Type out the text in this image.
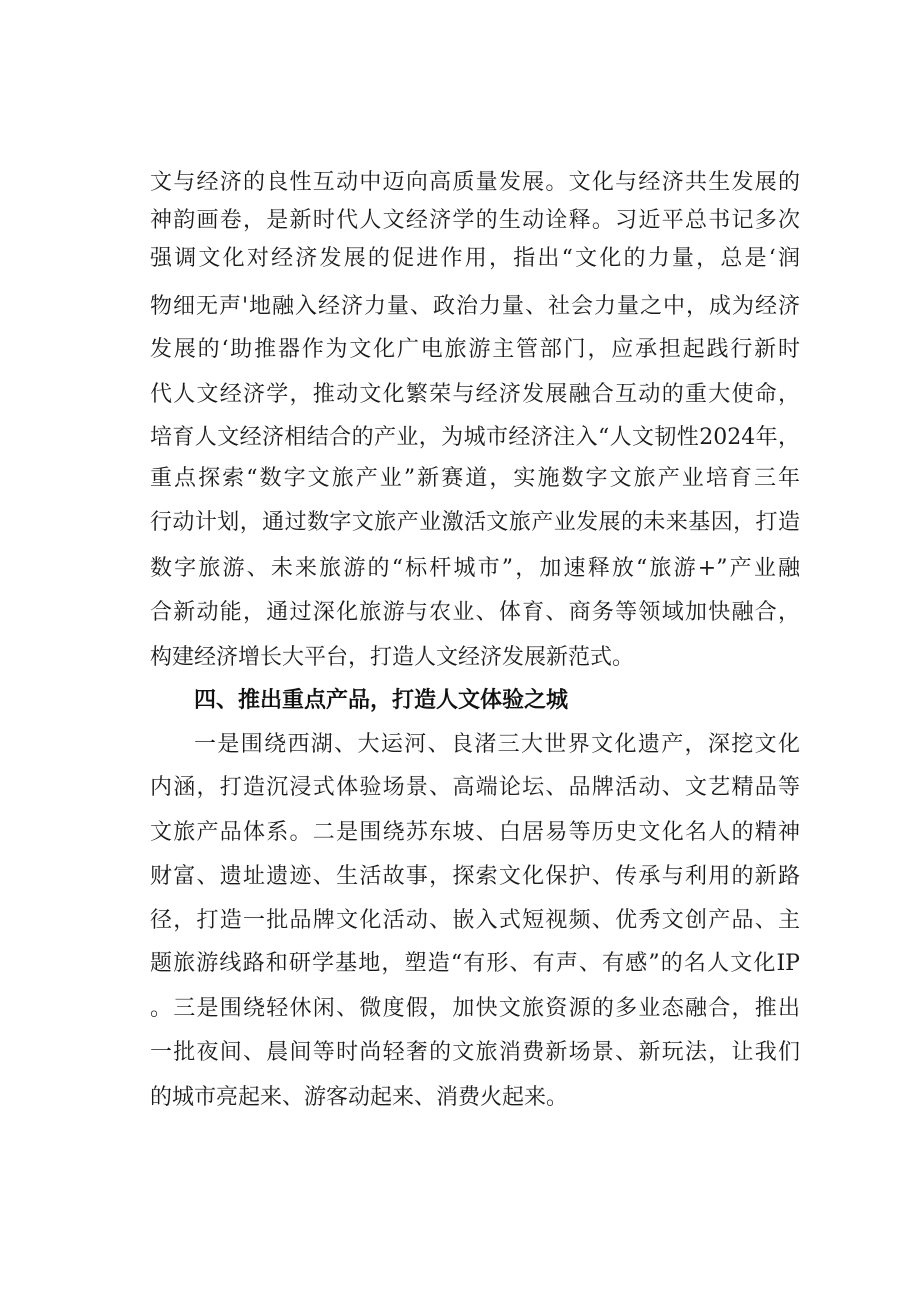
文与经济的良性互动中迈向高质量发展。文化与经济共生发展的

神韵画卷，是新时代人文经济学的生动诠释。习近平总书记多次

强调文化对经济发展的促进作用，指出“文化的力量，总是‘润

物细无声'地融入经济力量、政治力量、社会力量之中，成为经济

发展的‘助推器作为文化广电旅游主管部门，应承担起践行新时

代人文经济学，推动文化繁荣与经济发展融合互动的重大使命，

培育人文经济相结合的产业，为城市经济注入“人文韧性2024年，

重点探索“数字文旅产业”新赛道，实施数字文旅产业培育三年

行动计划，通过数字文旅产业激活文旅产业发展的未来基因，打造

数字旅游、未来旅游的“标杆城市”，加速释放“旅游+”产业融

合新动能，通过深化旅游与农业、体育、商务等领域加快融合，

构建经济增长大平台，打造人文经济发展新范式。

四、推出重点产品，打造人文体验之城

一是围绕西湖、大运河、良渚三大世界文化遗产，深挖文化

内涵，打造沉浸式体验场景、高端论坛、品牌活动、文艺精品等

文旅产品体系。二是围绕苏东坡、白居易等历史文化名人的精神

财富、遗址遗迹、生活故事，探索文化保护、传承与利用的新路

径，打造一批品牌文化活动、嵌入式短视频、优秀文创产品、主

题旅游线路和研学基地，塑造“有形、有声、有感”的名人文化IP

。三是围绕轻休闲、微度假，加快文旅资源的多业态融合，推出

一批夜间、晨间等时尚轻奢的文旅消费新场景、新玩法，让我们

的城市亮起来、游客动起来、消费火起来。
